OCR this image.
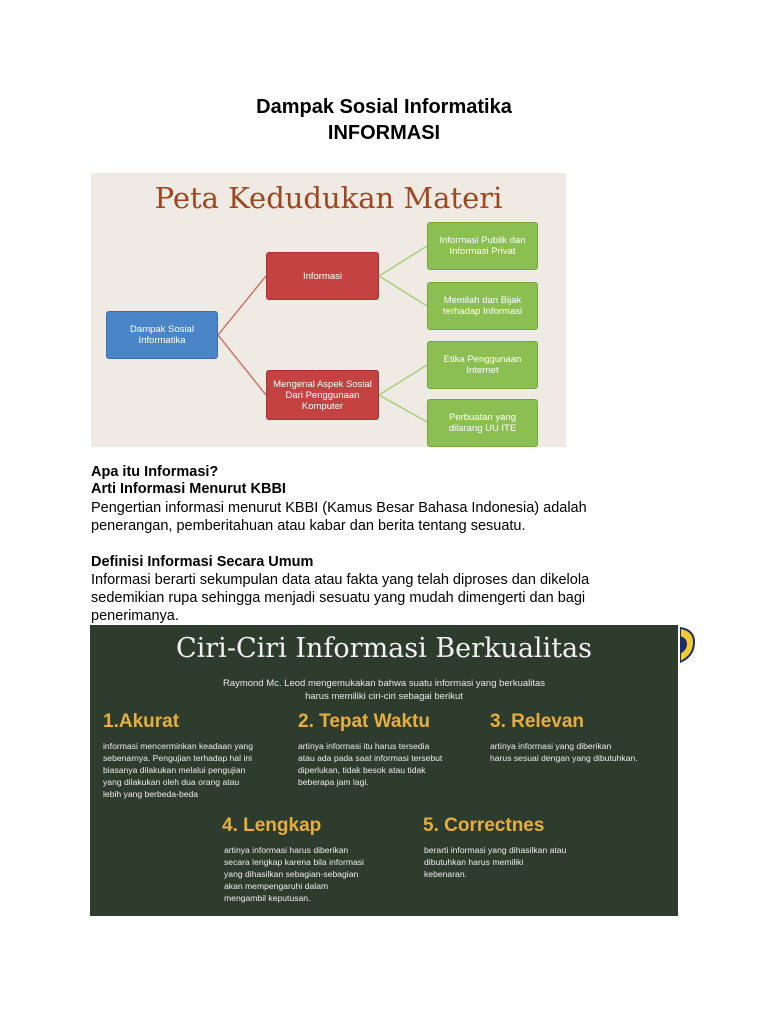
Dampak Sosial Informatika
INFORMASI
Peta Kedudukan Materi
Dampak Sosial Informatika
Informasi
Mengenal Aspek Sosial Dari Penggunaan Komputer
Informasi Publik dan Informasi Privat
Memilah dan Bijak terhadap Informasi
Etika Penggunaan Internet
Perbuatan yang dilarang UU ITE
Apa itu Informasi?
Arti Informasi Menurut KBBI
Pengertian informasi menurut KBBI (Kamus Besar Bahasa Indonesia) adalah
penerangan, pemberitahuan atau kabar dan berita tentang sesuatu.
Definisi Informasi Secara Umum
Informasi berarti sekumpulan data atau fakta yang telah diproses dan dikelola
sedemikian rupa sehingga menjadi sesuatu yang mudah dimengerti dan bagi
penerimanya.
Ciri-Ciri Informasi Berkualitas
Raymond Mc. Leod mengemukakan bahwa suatu informasi yang berkualitas
harus memiliki ciri-ciri sebagai berikut
1.Akurat
informasi mencerminkan keadaan yang
sebenarnya. Pengujian terhadap hal ini
biasanya dilakukan melalui pengujian
yang dilakukan oleh dua orang atau
lebih yang berbeda-beda
2. Tepat Waktu
artinya informasi itu harus tersedia
atau ada pada saat informasi tersebut
diperlukan, tidak besok atau tidak
beberapa jam lagi.
3. Relevan
artinya informasi yang diberikan
harus sesuai dengan yang dibutuhkan.
4. Lengkap
artinya informasi harus diberikan
secara lengkap karena bila informasi
yang dihasilkan sebagian-sebagian
akan mempengaruhi dalam
mengambil keputusan.
5. Correctnes
berarti informasi yang dihasilkan atau
dibutuhkan harus memiliki
kebenaran.
